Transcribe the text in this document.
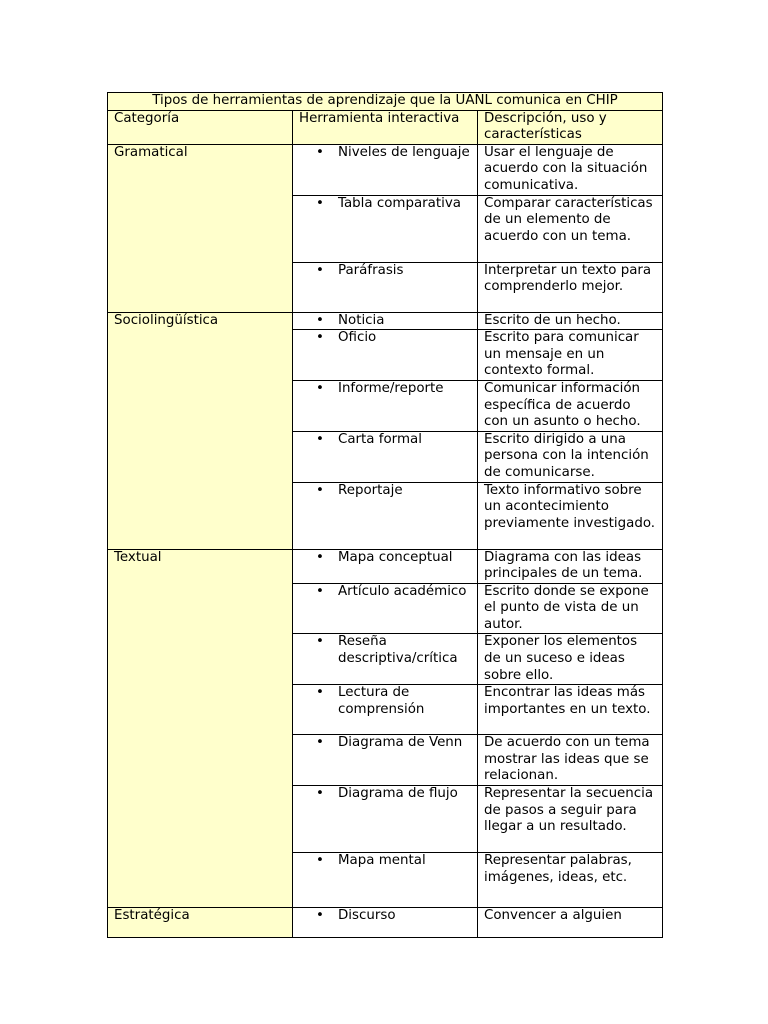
Tipos de herramientas de aprendizaje que la UANL comunica en CHIP		
Categoría	Herramienta interactiva	Descripción, uso y características
Gramatical	• Niveles de lenguaje	Usar el lenguaje de acuerdo con la situación comunicativa.

	• Tabla comparativa	Comparar características de un elemento de acuerdo con un tema.

	• Paráfrasis	Interpretar un texto para comprenderlo mejor.
Sociolingüística	• Noticia	Escrito de un hecho.

	• Oficio	Escrito para comunicar un mensaje en un contexto formal.

	• Informe/reporte	Comunicar información específica de acuerdo con un asunto o hecho.

	• Carta formal	Escrito dirigido a una persona con la intención de comunicarse.

	• Reportaje	Texto informativo sobre un acontecimiento previamente investigado.
Textual	• Mapa conceptual	Diagrama con las ideas principales de un tema.

	• Artículo académico	Escrito donde se expone el punto de vista de un autor.

	• Reseña descriptiva/crítica	Exponer los elementos de un suceso e ideas sobre ello.

	• Lectura de comprensión	Encontrar las ideas más importantes en un texto.

	• Diagrama de Venn	De acuerdo con un tema mostrar las ideas que se relacionan.

	• Diagrama de flujo	Representar la secuencia de pasos a seguir para llegar a un resultado.

	• Mapa mental	Representar palabras, imágenes, ideas, etc.
Estratégica	• Discurso	Convencer a alguien
